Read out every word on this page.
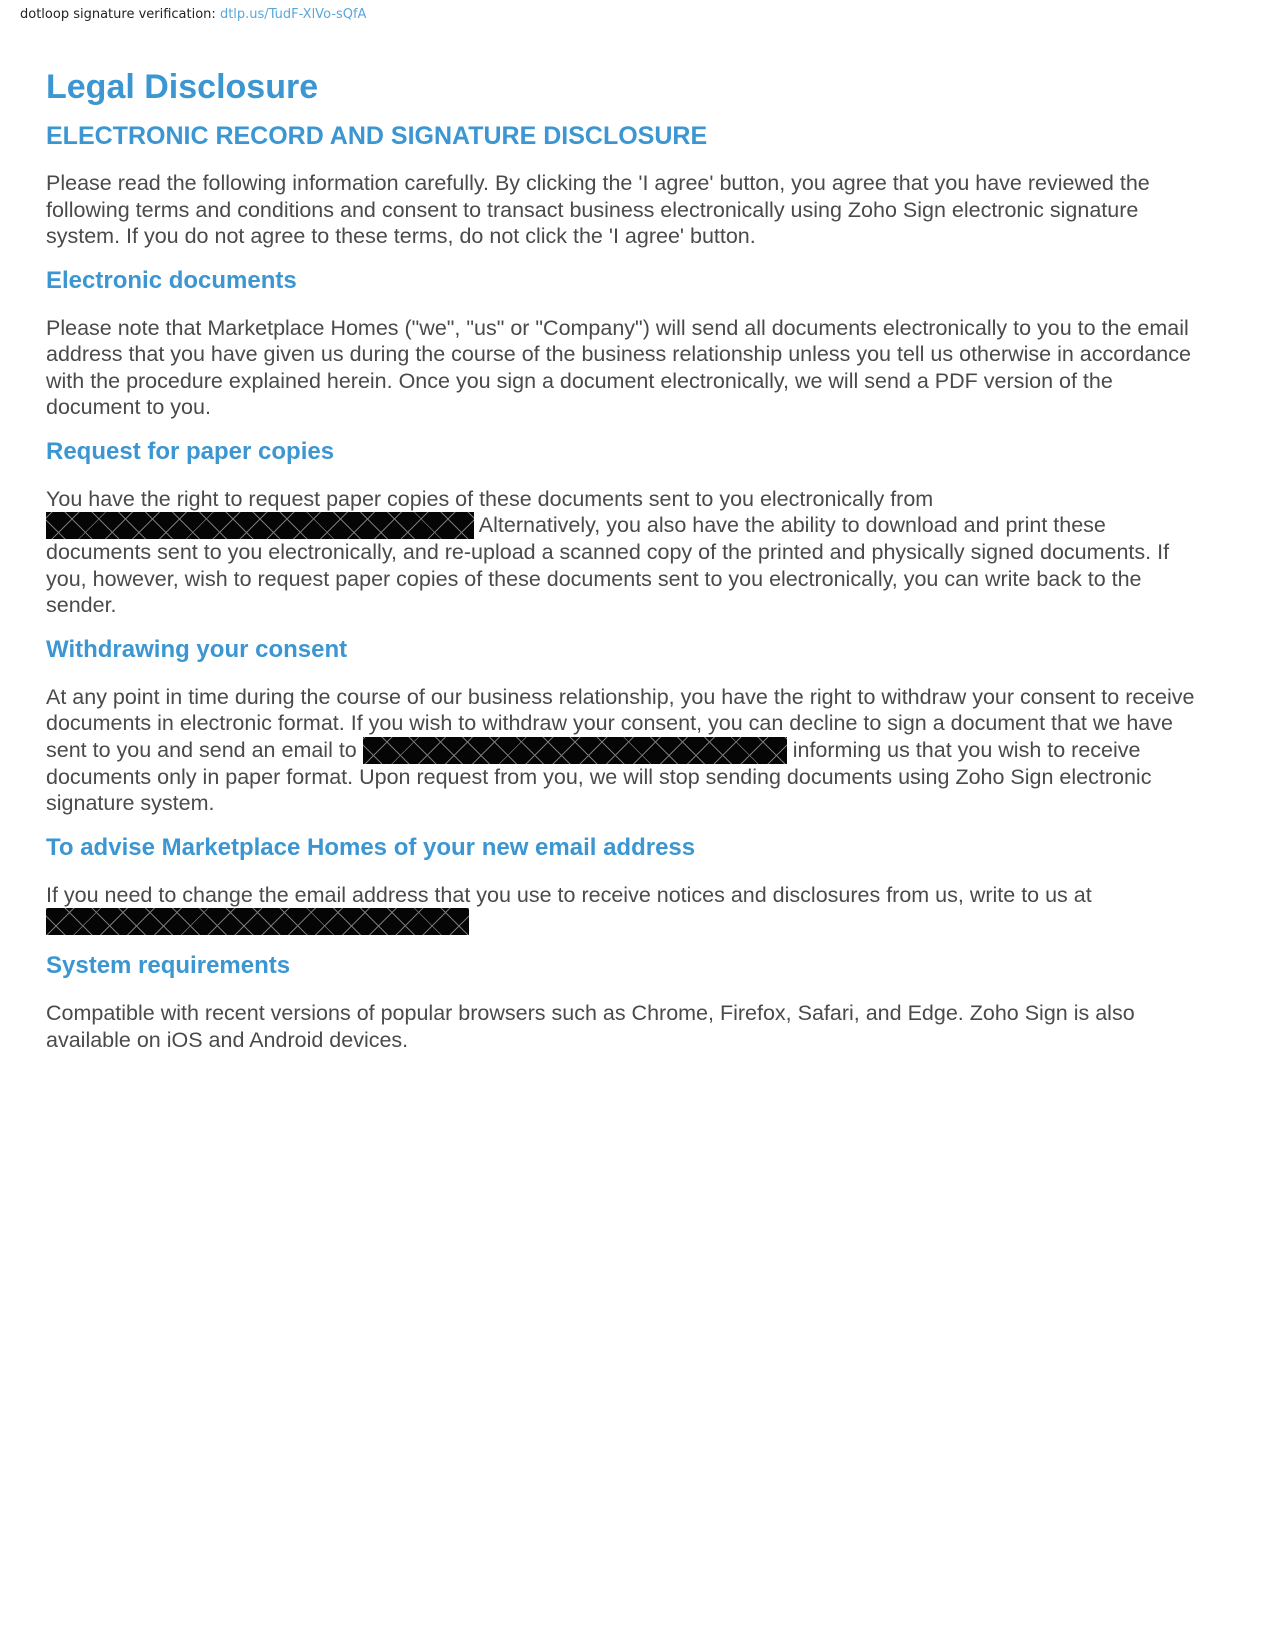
dotloop signature verification: dtlp.us/TudF-XlVo-sQfA
Legal Disclosure
ELECTRONIC RECORD AND SIGNATURE DISCLOSURE

Please read the following information carefully. By clicking the 'I agree' button, you agree that you have reviewed the following terms and conditions and consent to transact business electronically using Zoho Sign electronic signature system. If you do not agree to these terms, do not click the 'I agree' button.

Electronic documents

Please note that Marketplace Homes ("we", "us" or "Company") will send all documents electronically to you to the email address that you have given us during the course of the business relationship unless you tell us otherwise in accordance with the procedure explained herein. Once you sign a document electronically, we will send a PDF version of the document to you.

Request for paper copies

You have the right to request paper copies of these documents sent to you electronically from  Alternatively, you also have the ability to download and print these documents sent to you electronically, and re-upload a scanned copy of the printed and physically signed documents. If you, however, wish to request paper copies of these documents sent to you electronically, you can write back to the sender.

Withdrawing your consent

At any point in time during the course of our business relationship, you have the right to withdraw your consent to receive documents in electronic format. If you wish to withdraw your consent, you can decline to sign a document that we have sent to you and send an email to	informing us that you wish to receive documents only in paper format. Upon request from you, we will stop sending documents using Zoho Sign electronic signature system.

To advise Marketplace Homes of your new email address

If you need to change the email address that you use to receive notices and disclosures from us, write to us at

System requirements

Compatible with recent versions of popular browsers such as Chrome, Firefox, Safari, and Edge. Zoho Sign is also available on iOS and Android devices.
